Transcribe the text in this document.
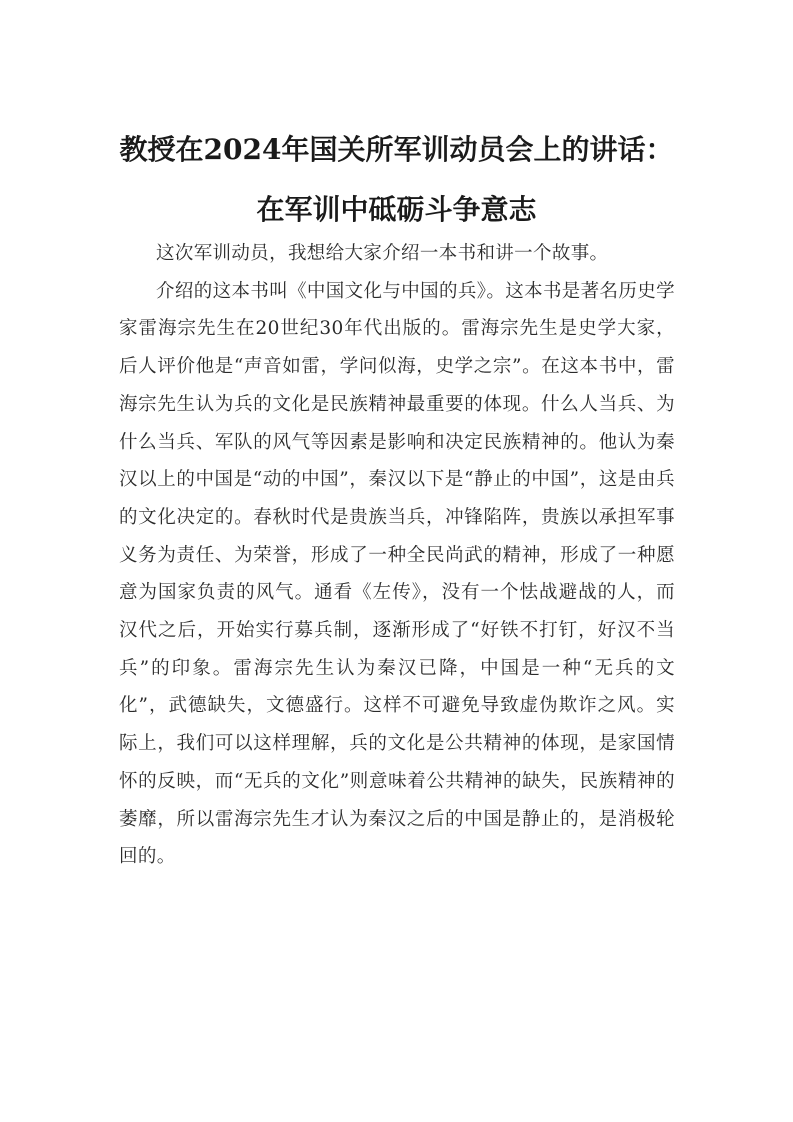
教授在2024年国关所军训动员会上的讲话：
在军训中砥砺斗争意志

这次军训动员，我想给大家介绍一本书和讲一个故事。

介绍的这本书叫《中国文化与中国的兵》。这本书是著名历史学家雷海宗先生在20世纪30年代出版的。雷海宗先生是史学大家，后人评价他是“声音如雷，学问似海，史学之宗”。在这本书中，雷海宗先生认为兵的文化是民族精神最重要的体现。什么人当兵、为什么当兵、军队的风气等因素是影响和决定民族精神的。他认为秦汉以上的中国是“动的中国”，秦汉以下是“静止的中国”，这是由兵的文化决定的。春秋时代是贵族当兵，冲锋陷阵，贵族以承担军事义务为责任、为荣誉，形成了一种全民尚武的精神，形成了一种愿意为国家负责的风气。通看《左传》，没有一个怯战避战的人，而汉代之后，开始实行募兵制，逐渐形成了“好铁不打钉，好汉不当兵”的印象。雷海宗先生认为秦汉已降，中国是一种“无兵的文化”，武德缺失，文德盛行。这样不可避免导致虚伪欺诈之风。实际上，我们可以这样理解，兵的文化是公共精神的体现，是家国情怀的反映，而“无兵的文化”则意味着公共精神的缺失，民族精神的萎靡，所以雷海宗先生才认为秦汉之后的中国是静止的，是消极轮回的。
